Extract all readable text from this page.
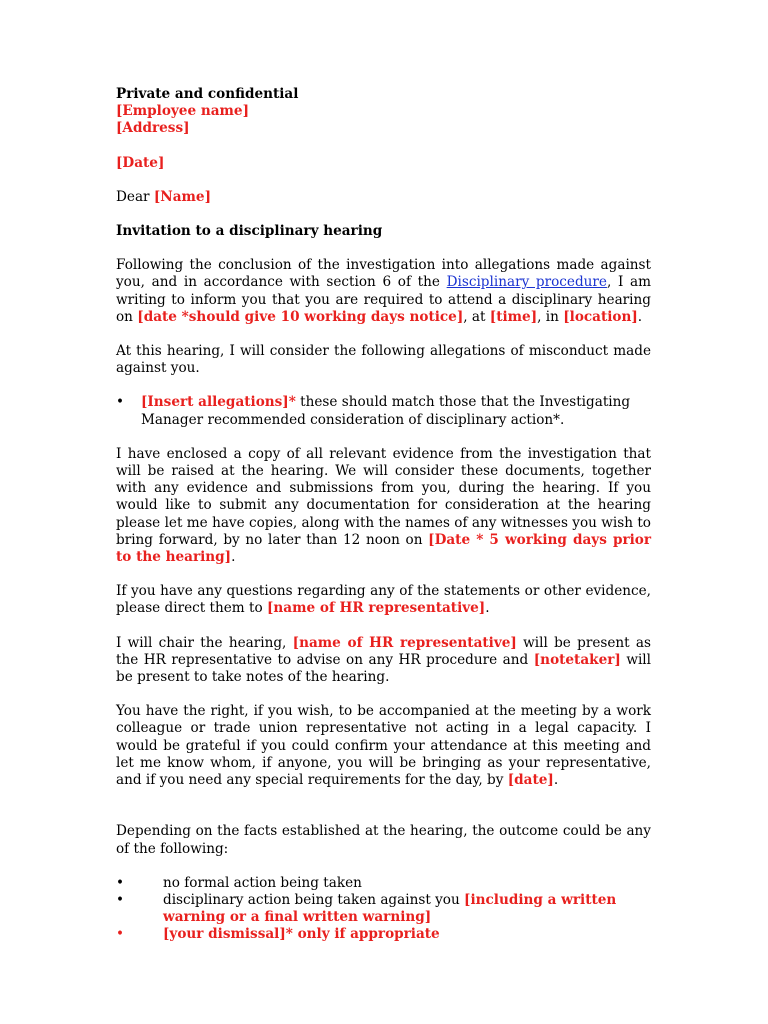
Private and confidential
[Employee name]
[Address]
[Date]

Dear [Name]

Invitation to a disciplinary hearing

Following the conclusion of the investigation into allegations made against you, and in accordance with section 6 of the Disciplinary procedure, I am writing to inform you that you are required to attend a disciplinary hearing on [date *should give 10 working days notice], at [time], in [location].

At this hearing, I will consider the following allegations of misconduct made against you.

• [Insert allegations]* these should match those that the Investigating Manager recommended consideration of disciplinary action*.

I have enclosed a copy of all relevant evidence from the investigation that will be raised at the hearing. We will consider these documents, together with any evidence and submissions from you, during the hearing. If you would like to submit any documentation for consideration at the hearing please let me have copies, along with the names of any witnesses you wish to bring forward, by no later than 12 noon on [Date * 5 working days prior to the hearing].

If you have any questions regarding any of the statements or other evidence, please direct them to [name of HR representative].

I will chair the hearing, [name of HR representative] will be present as the HR representative to advise on any HR procedure and [notetaker] will be present to take notes of the hearing.

You have the right, if you wish, to be accompanied at the meeting by a work colleague or trade union representative not acting in a legal capacity. I would be grateful if you could confirm your attendance at this meeting and let me know whom, if anyone, you will be bringing as your representative, and if you need any special requirements for the day, by [date].

Depending on the facts established at the hearing, the outcome could be any of the following:

•	no formal action being taken
•	disciplinary action being taken against you [including a written warning or a final written warning]
•	[your dismissal]* only if appropriate
